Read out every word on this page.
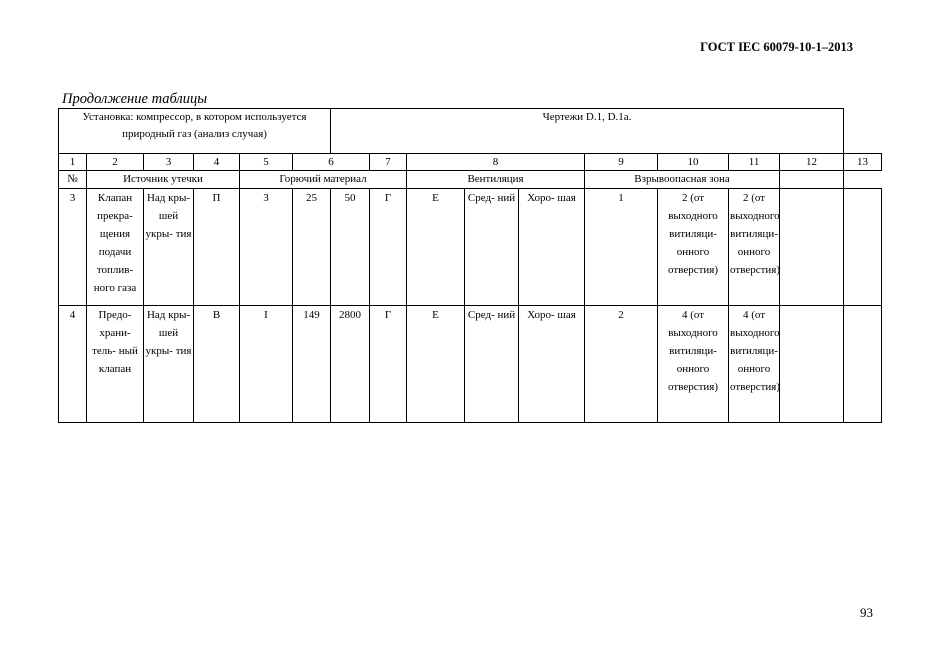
ГОСТ IEC 60079-10-1–2013
Продолжение таблицы
Установка: компрессор, в котором используется природный газ (анализ случая)						Чертежи D.1, D.1a.									
1	2	3	4	5	6		7	8			9	10	11	12	13
№	Источник утечки			Горючий материал				Вентиляция			Взрывоопасная зона				
3	Клапан прекра- щения подачи топлив- ного газа	Над кры- шей укры- тия	П	3	25	50	Г	Е	Сред- ний	Хоро- шая	1	2 (от выходного витиляци- онного отверстия)	2 (от выходного витиляци- онного отверстия)		
4	Предо- храни- тель- ный клапан	Над кры- шей укры- тия	В	I	149	2800	Г	Е	Сред- ний	Хоро- шая	2	4 (от выходного витиляци- онного отверстия)	4 (от выходного витиляци- онного отверстия)		
93
